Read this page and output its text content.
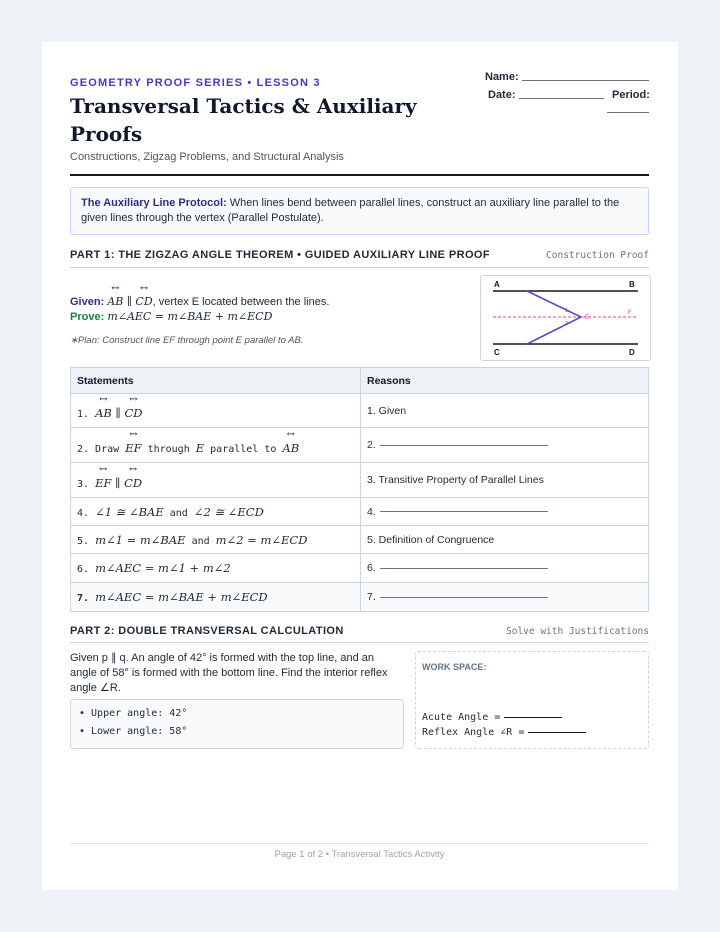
GEOMETRY PROOF SERIES • LESSON 3
Transversal Tactics & Auxiliary Proofs
Constructions, Zigzag Problems, and Structural Analysis
Name:
Date:	Period:

The Auxiliary Line Protocol: When lines bend between parallel lines, construct an auxiliary line parallel to the given lines through the vertex (Parallel Postulate).

PART 1: THE ZIGZAG ANGLE THEOREM • GUIDED AUXILIARY LINE PROOF	Construction Proof
Given: ↔ AB ∥ ↔ CD, vertex E located between the lines.
Prove: m∠AEC = m∠BAE + m∠ECD
∗Plan: Construct line EF through point E parallel to AB.
A	B
C	D
E
F
1
2
Statements	Reasons
1. ↔ AB ∥ ↔ CD	1. Given
2. Draw ↔ EF through E parallel to ↔ AB	2.
3. ↔ EF ∥ ↔ CD	3. Transitive Property of Parallel Lines
4. ∠1 ≅ ∠BAE and ∠2 ≅ ∠ECD	4.
5. m∠1 = m∠BAE and m∠2 = m∠ECD	5. Definition of Congruence
6. m∠AEC = m∠1 + m∠2	6.
7. m∠AEC = m∠BAE + m∠ECD	7.
PART 2: DOUBLE TRANSVERSAL CALCULATION	Solve with Justifications
Given p ∥ q. An angle of 42° is formed with the top line, and an angle of 58° is formed with the bottom line. Find the interior reflex angle ∠R.
• Upper angle: 42°
• Lower angle: 58°
WORK SPACE:
Acute Angle =
Reflex Angle ∠R =
Page 1 of 2 • Transversal Tactics Activity
